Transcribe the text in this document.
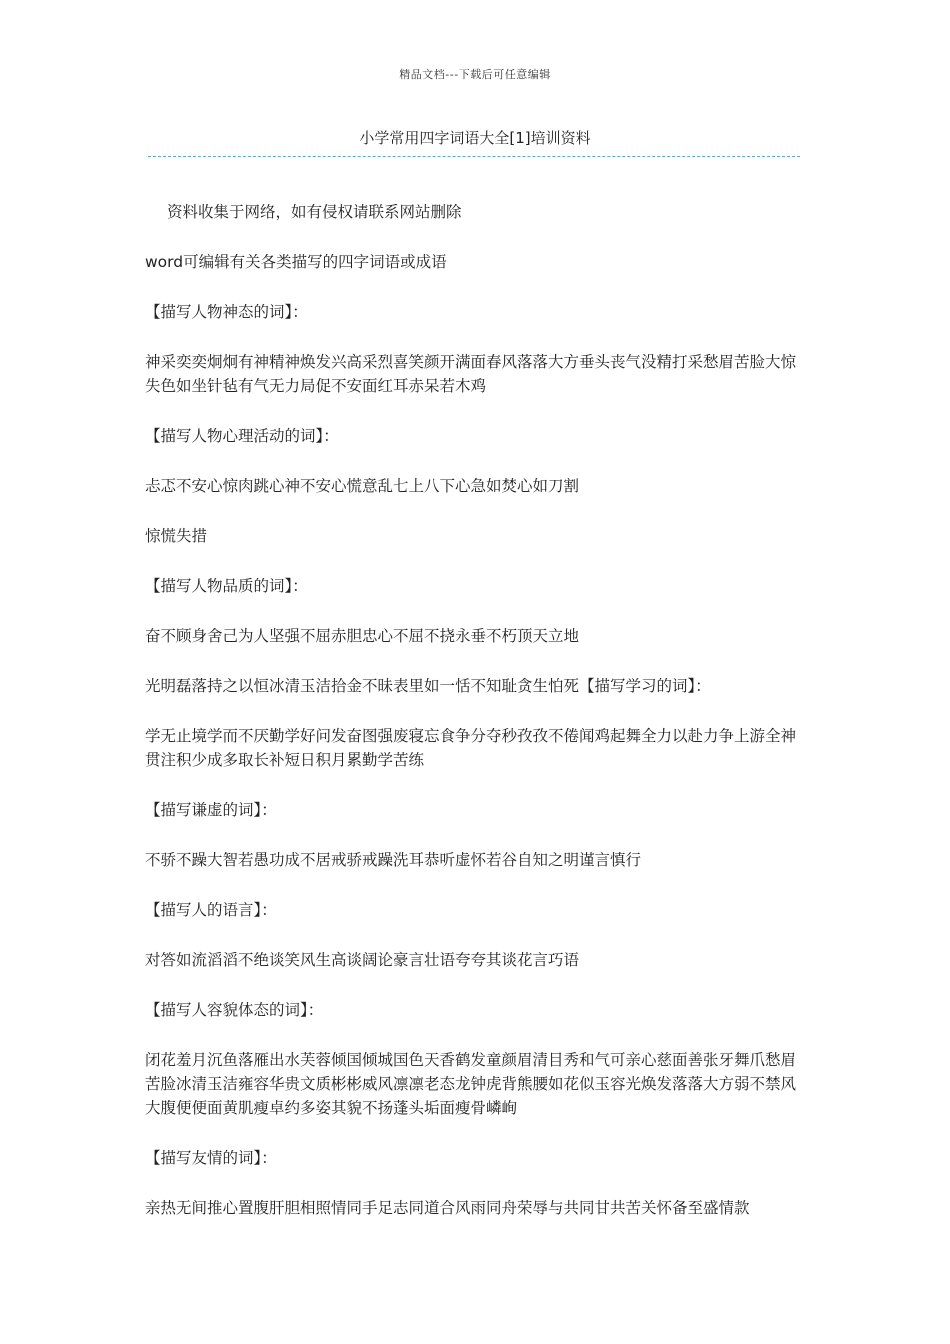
精品文档---下载后可任意编辑
小学常用四字词语大全[1]培训资料

资料收集于网络，如有侵权请联系网站删除

word可编辑有关各类描写的四字词语或成语

【描写人物神态的词】：

神采奕奕炯炯有神精神焕发兴高采烈喜笑颜开满面春风落落大方垂头丧气没精打采愁眉苦脸大惊失色如坐针毡有气无力局促不安面红耳赤呆若木鸡

【描写人物心理活动的词】：

忐忑不安心惊肉跳心神不安心慌意乱七上八下心急如焚心如刀割

惊慌失措

【描写人物品质的词】：

奋不顾身舍己为人坚强不屈赤胆忠心不屈不挠永垂不朽顶天立地

光明磊落持之以恒冰清玉洁拾金不昧表里如一恬不知耻贪生怕死【描写学习的词】：

学无止境学而不厌勤学好问发奋图强废寝忘食争分夺秒孜孜不倦闻鸡起舞全力以赴力争上游全神贯注积少成多取长补短日积月累勤学苦练

【描写谦虚的词】：

不骄不躁大智若愚功成不居戒骄戒躁洗耳恭听虚怀若谷自知之明谨言慎行

【描写人的语言】：

对答如流滔滔不绝谈笑风生高谈阔论豪言壮语夸夸其谈花言巧语

【描写人容貌体态的词】：

闭花羞月沉鱼落雁出水芙蓉倾国倾城国色天香鹤发童颜眉清目秀和气可亲心慈面善张牙舞爪愁眉苦脸冰清玉洁雍容华贵文质彬彬威风凛凛老态龙钟虎背熊腰如花似玉容光焕发落落大方弱不禁风大腹便便面黄肌瘦卓约多姿其貌不扬蓬头垢面瘦骨嶙峋

【描写友情的词】：

亲热无间推心置腹肝胆相照情同手足志同道合风雨同舟荣辱与共同甘共苦关怀备至盛情款
